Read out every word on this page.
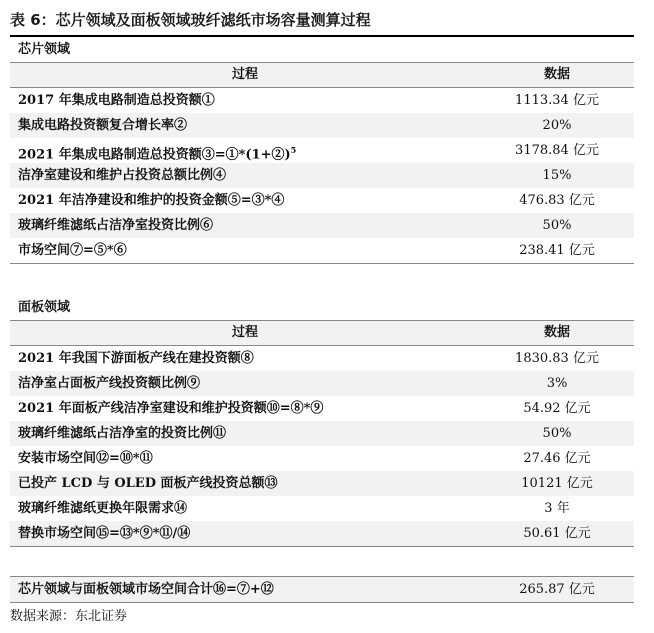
表 6：芯片领域及面板领域玻纤滤纸市场容量测算过程
芯片领域
过程	数据
2017 年集成电路制造总投资额①	1113.34 亿元
集成电路投资额复合增长率②	20%
2021 年集成电路制造总投资额③=①*(1+②)$^5$	3178.84 亿元
洁净室建设和维护占投资总额比例④	15%
2021 年洁净建设和维护的投资金额⑤=③*④	476.83 亿元
玻璃纤维滤纸占洁净室投资比例⑥	50%
市场空间⑦=⑤*⑥	238.41 亿元
面板领域
过程	数据
2021 年我国下游面板产线在建投资额⑧	1830.83 亿元
洁净室占面板产线投资额比例⑨	3%
2021 年面板产线洁净室建设和维护投资额⑩=⑧*⑨	54.92 亿元
玻璃纤维滤纸占洁净室的投资比例⑪	50%
安装市场空间⑫=⑩*⑪	27.46 亿元
已投产 LCD 与 OLED 面板产线投资总额⑬	10121 亿元
玻璃纤维滤纸更换年限需求⑭	3 年
替换市场空间⑮=⑬*⑨*⑪/⑭	50.61 亿元
芯片领域与面板领域市场空间合计⑯=⑦+⑫	265.87 亿元
数据来源：东北证券
